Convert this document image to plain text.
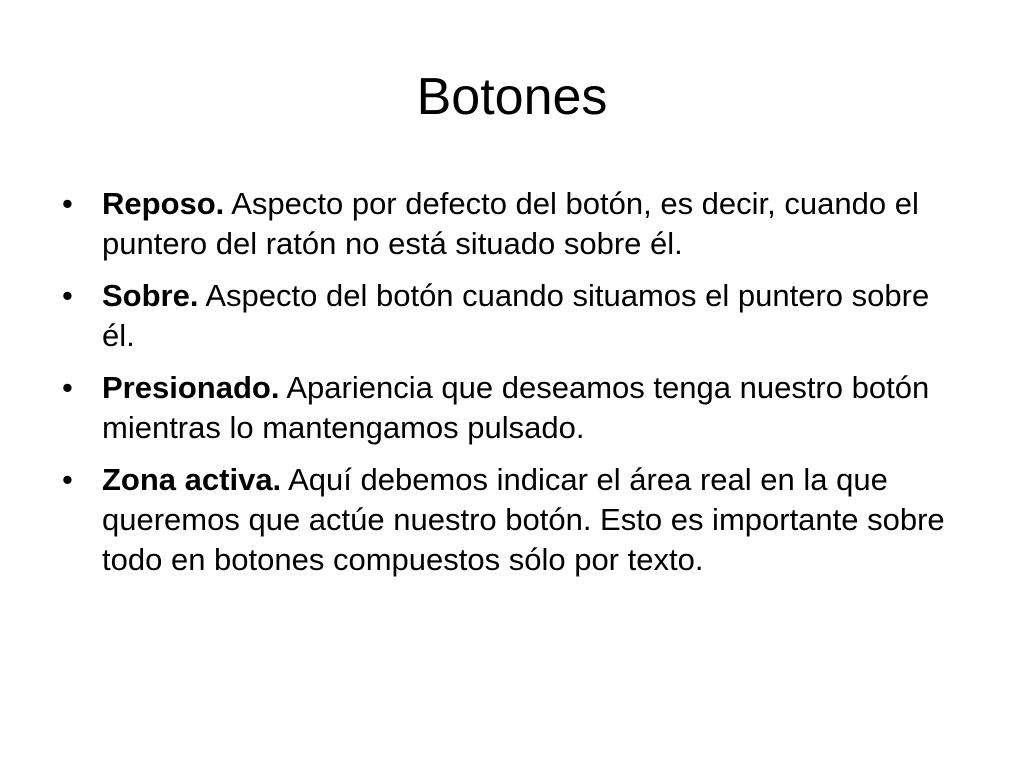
Botones
• Reposo. Aspecto por defecto del botón, es decir, cuando el puntero del ratón no está situado sobre él.
• Sobre. Aspecto del botón cuando situamos el puntero sobre él.
• Presionado. Apariencia que deseamos tenga nuestro botón mientras lo mantengamos pulsado.
• Zona activa. Aquí debemos indicar el área real en la que queremos que actúe nuestro botón. Esto es importante sobre todo en botones compuestos sólo por texto.
